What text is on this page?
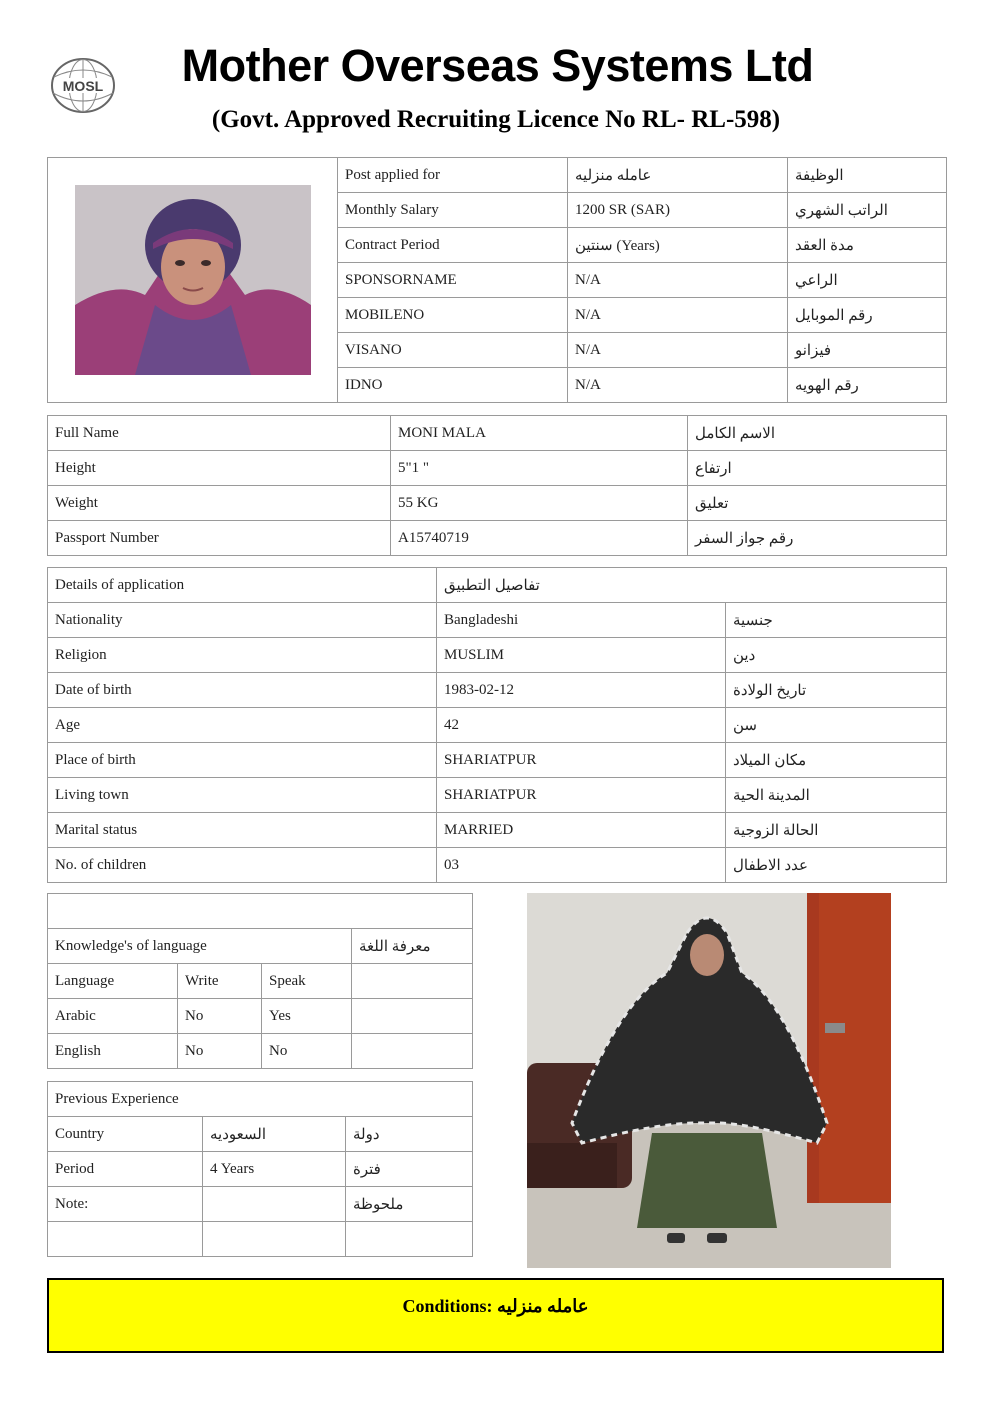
MOSL	Mother Overseas Systems Ltd
(Govt. Approved Recruiting Licence No RL- RL-598)
	Post applied for	عامله منزليه	الوظيفة
	Monthly Salary	1200 SR (SAR)	الراتب الشهري
	Contract Period	سنتين (Years)	مدة العقد
	SPONSORNAME	N/A	الراعي
	MOBILENO	N/A	رقم الموبايل
	VISANO	N/A	فيزانو
	IDNO	N/A	رقم الهويه
Full Name	MONI MALA	الاسم الكامل
Height	5"1 "	ارتفاع
Weight	55 KG	تعليق
Passport Number	A15740719	رقم جواز السفر
Details of application	تفاصيل التطبيق	
Nationality	Bangladeshi	جنسية
Religion	MUSLIM	دين
Date of birth	1983-02-12	تاريخ الولادة
Age	42	سن
Place of birth	SHARIATPUR	مكان الميلاد
Living town	SHARIATPUR	المدينة الحية
Marital status	MARRIED	الحالة الزوجية
No. of children	03	عدد الاطفال

Knowledge's of language			معرفة اللغة
Language	Write	Speak	
Arabic	No	Yes	
English	No	No	
Previous Experience		
Country	السعوديه	دولة
Period	4 Years	فترة
Note:		ملحوظة

Conditions: عامله منزليه
